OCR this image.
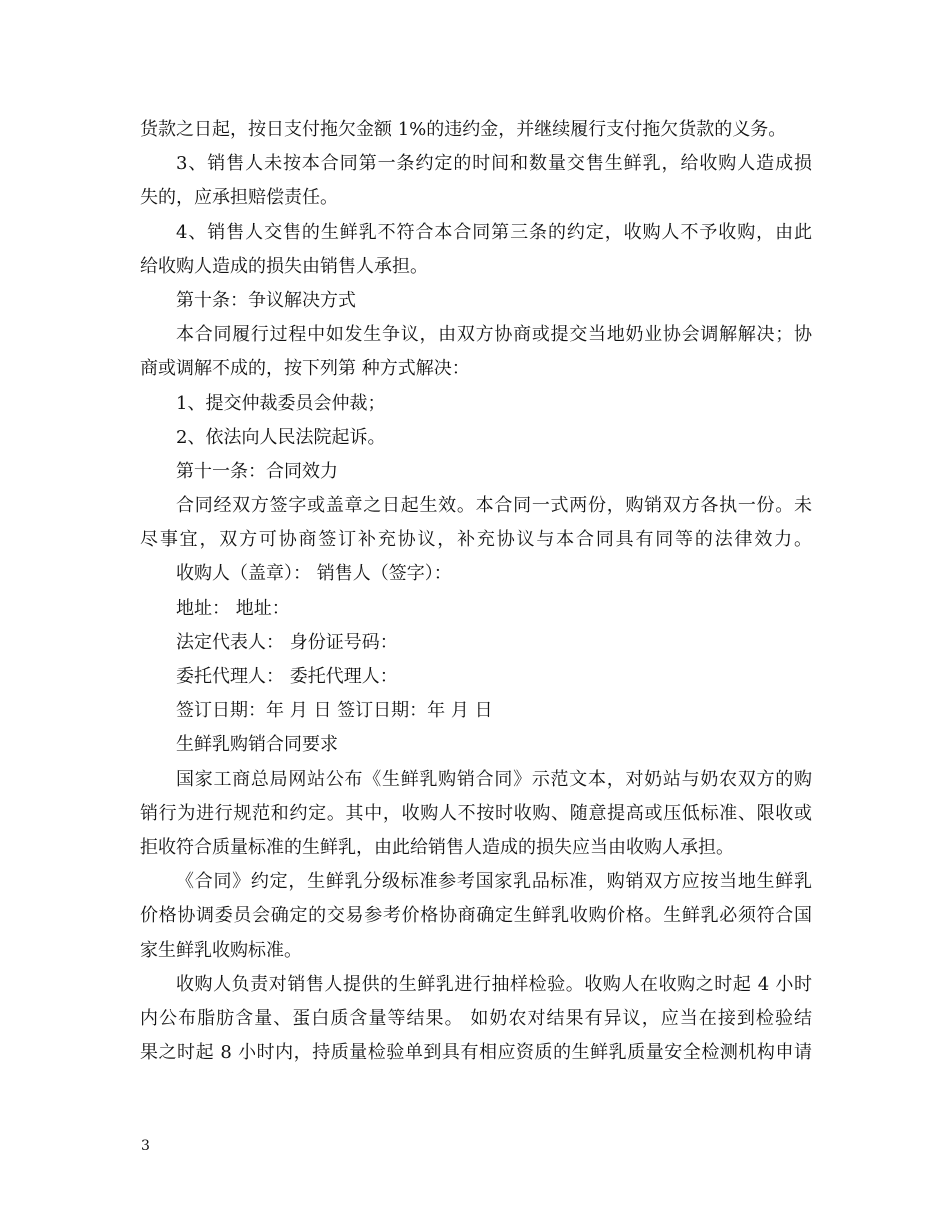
货款之日起，按日支付拖欠金额 1%的违约金，并继续履行支付拖欠货款的义务。
3、销售人未按本合同第一条约定的时间和数量交售生鲜乳，给收购人造成损
失的，应承担赔偿责任。
4、销售人交售的生鲜乳不符合本合同第三条的约定，收购人不予收购，由此
给收购人造成的损失由销售人承担。
第十条：争议解决方式
本合同履行过程中如发生争议，由双方协商或提交当地奶业协会调解解决；协
商或调解不成的，按下列第 种方式解决：
1、提交仲裁委员会仲裁；
2、依法向人民法院起诉。
第十一条：合同效力
合同经双方签字或盖章之日起生效。本合同一式两份，购销双方各执一份。未
尽事宜，双方可协商签订补充协议，补充协议与本合同具有同等的法律效力。
收购人（盖章）： 销售人（签字）：
地址： 地址：
法定代表人： 身份证号码：
委托代理人： 委托代理人：
签订日期：年 月 日 签订日期：年 月 日
生鲜乳购销合同要求
国家工商总局网站公布《生鲜乳购销合同》示范文本，对奶站与奶农双方的购
销行为进行规范和约定。其中，收购人不按时收购、随意提高或压低标准、限收或
拒收符合质量标准的生鲜乳，由此给销售人造成的损失应当由收购人承担。
《合同》约定，生鲜乳分级标准参考国家乳品标准，购销双方应按当地生鲜乳
价格协调委员会确定的交易参考价格协商确定生鲜乳收购价格。生鲜乳必须符合国
家生鲜乳收购标准。
收购人负责对销售人提供的生鲜乳进行抽样检验。收购人在收购之时起 4 小时
内公布脂肪含量、蛋白质含量等结果。 如奶农对结果有异议，应当在接到检验结
果之时起 8 小时内，持质量检验单到具有相应资质的生鲜乳质量安全检测机构申请
3
